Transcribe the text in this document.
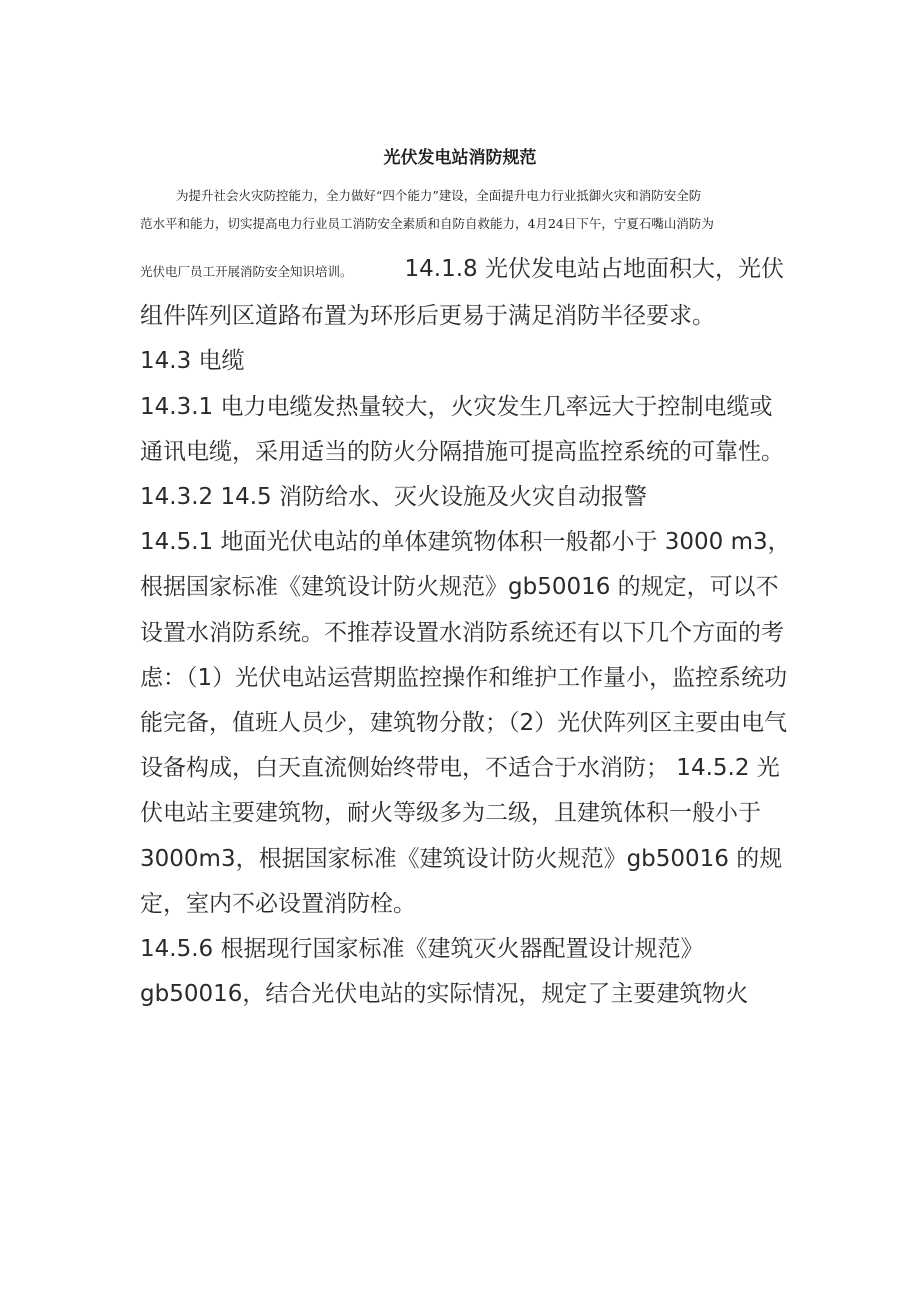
光伏发电站消防规范
为提升社会火灾防控能力，全力做好“四个能力”建设，全面提升电力行业抵御火灾和消防安全防
范水平和能力，切实提高电力行业员工消防安全素质和自防自救能力，4月24日下午，宁夏石嘴山消防为

光伏电厂员工开展消防安全知识培训。 14.1.8 光伏发电站占地面积大，光伏组件阵列区道路布置为环形后更易于满足消防半径要求。

14.3 电缆

14.3.1 电力电缆发热量较大，火灾发生几率远大于控制电缆或通讯电缆，采用适当的防火分隔措施可提高监控系统的可靠性。

14.3.2 14.5 消防给水、灭火设施及火灾自动报警

14.5.1 地面光伏电站的单体建筑物体积一般都小于 3000 m3，根据国家标准《建筑设计防火规范》gb50016 的规定，可以不设置水消防系统。不推荐设置水消防系统还有以下几个方面的考虑：（1）光伏电站运营期监控操作和维护工作量小，监控系统功能完备，值班人员少，建筑物分散；（2）光伏阵列区主要由电气设备构成，白天直流侧始终带电，不适合于水消防； 14.5.2 光伏电站主要建筑物，耐火等级多为二级，且建筑体积一般小于 3000m3，根据国家标准《建筑设计防火规范》gb50016 的规定，室内不必设置消防栓。

14.5.6 根据现行国家标准《建筑灭火器配置设计规范》gb50016，结合光伏电站的实际情况，规定了主要建筑物火
